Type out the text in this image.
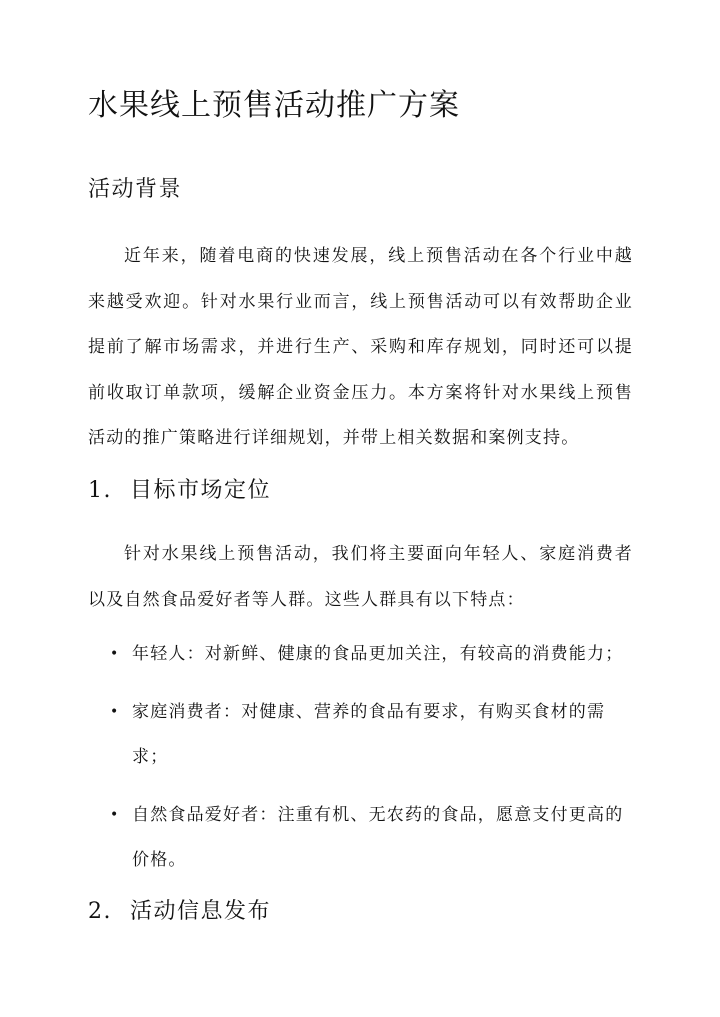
水果线上预售活动推广方案
活动背景

近年来，随着电商的快速发展，线上预售活动在各个行业中越来越受欢迎。针对水果行业而言，线上预售活动可以有效帮助企业提前了解市场需求，并进行生产、采购和库存规划，同时还可以提前收取订单款项，缓解企业资金压力。本方案将针对水果线上预售活动的推广策略进行详细规划，并带上相关数据和案例支持。

1. 目标市场定位

针对水果线上预售活动，我们将主要面向年轻人、家庭消费者以及自然食品爱好者等人群。这些人群具有以下特点：

• 年轻人：对新鲜、健康的食品更加关注，有较高的消费能力；
• 家庭消费者：对健康、营养的食品有要求，有购买食材的需求；
• 自然食品爱好者：注重有机、无农药的食品，愿意支付更高的价格。
2. 活动信息发布
